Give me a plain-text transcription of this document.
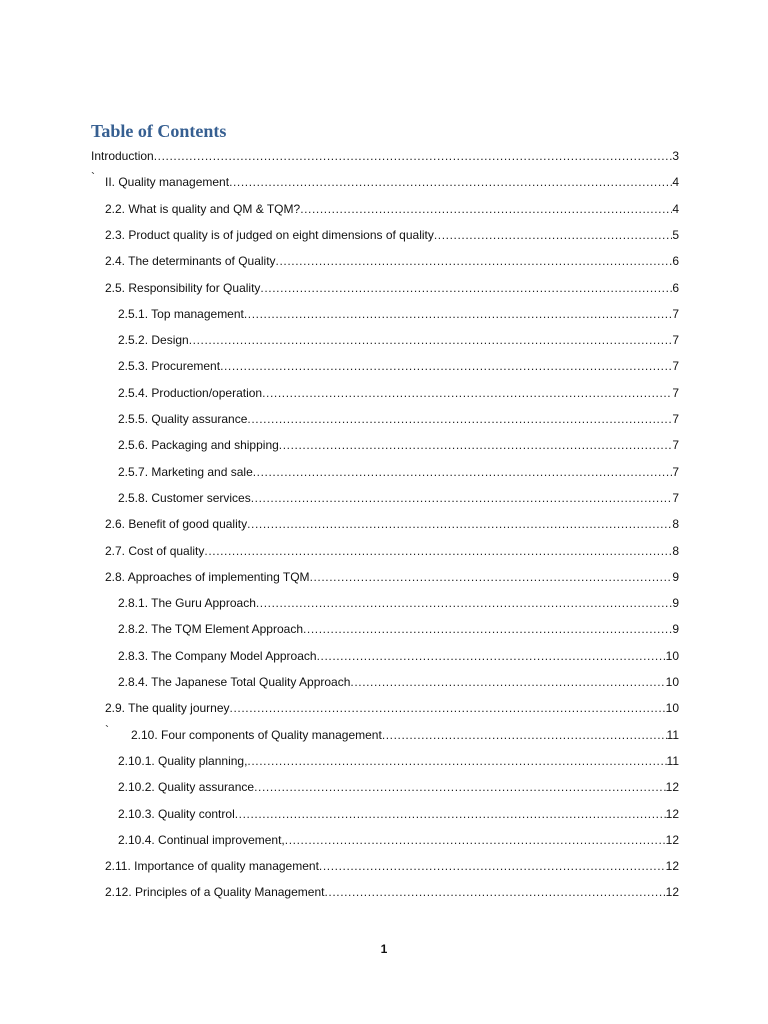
Table of Contents
Introduction .....	3
` II. Quality management .....	4
2.2. What is quality and QM & TQM? .....	4
2.3. Product quality is of judged on eight dimensions of quality .....	5
2.4. The determinants of Quality .....	6
2.5. Responsibility for Quality .....	6
2.5.1. Top management .....	7
2.5.2. Design .....	7
2.5.3. Procurement .....	7
2.5.4. Production/operation .....	7
2.5.5. Quality assurance .....	7
2.5.6. Packaging and shipping .....	7
2.5.7. Marketing and sale .....	7
2.5.8. Customer services .....	7
2.6. Benefit of good quality .....	8
2.7. Cost of quality .....	8
2.8. Approaches of implementing TQM .....	9
2.8.1. The Guru Approach .....	9
2.8.2. The TQM Element Approach .....	9
2.8.3. The Company Model Approach .....	10
2.8.4. The Japanese Total Quality Approach .....	10
2.9. The quality journey .....	10
` 2.10. Four components of Quality management .....	11
2.10.1. Quality planning, .....	11
2.10.2. Quality assurance .....	12
2.10.3. Quality control .....	12
2.10.4. Continual improvement, .....	12
2.11. Importance of quality management .....	12
2.12. Principles of a Quality Management .....	12
1
